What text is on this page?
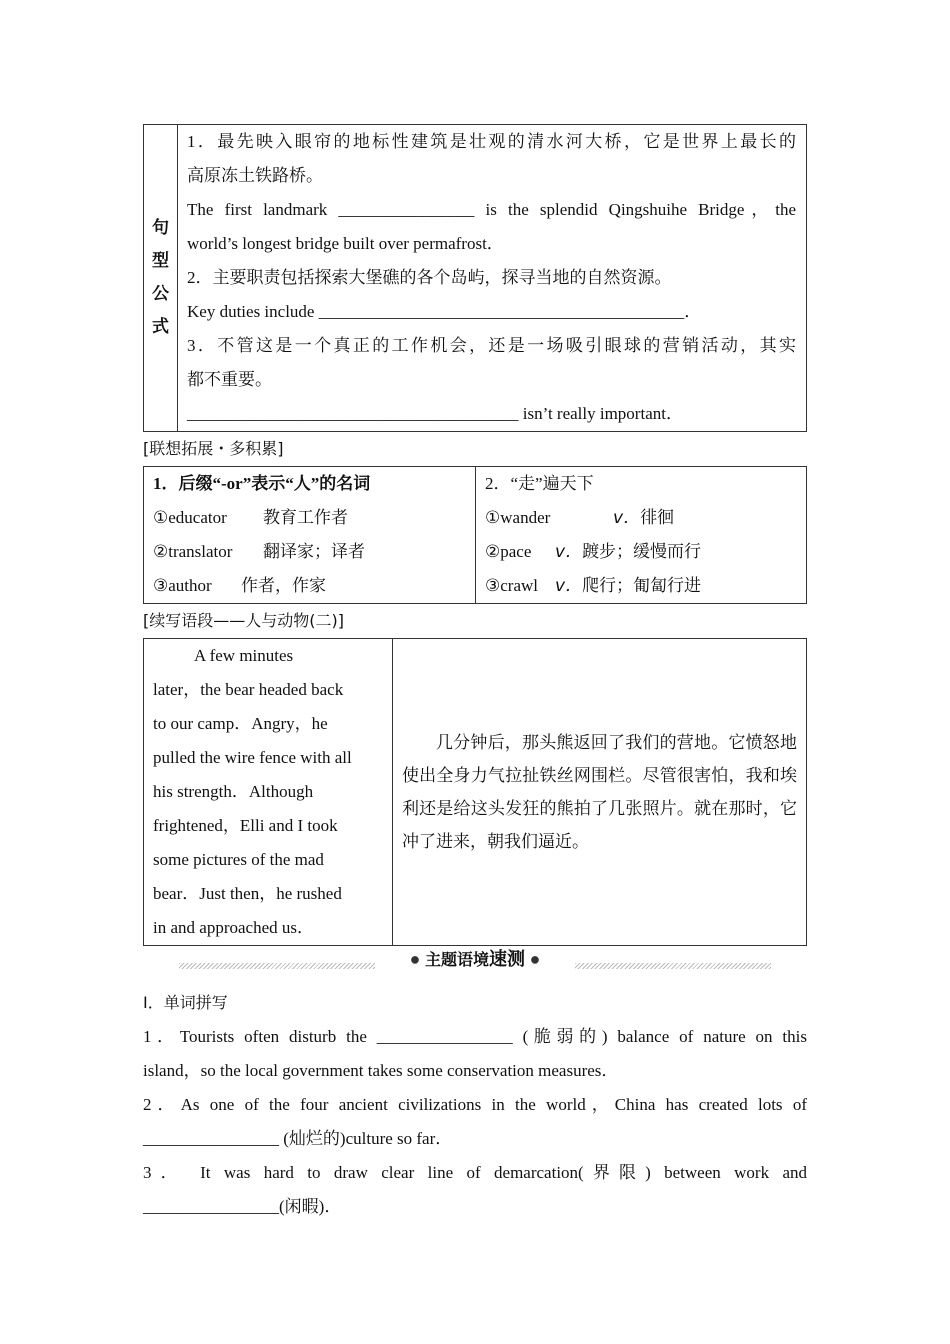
句
型
公
式

1．最先映入眼帘的地标性建筑是壮观的清水河大桥，它是世界上最长的
高原冻土铁路桥。
The first landmark ________________ is the splendid Qingshuihe Bridge，the
world’s longest bridge built over permafrost．
2．主要职责包括探索大堡礁的各个岛屿，探寻当地的自然资源。
Key duties include ___________________________________________．
3．不管这是一个真正的工作机会，还是一场吸引眼球的营销活动，其实
都不重要。
_______________________________________ isn’t really important．
[联想拓展・多积累]
1．后缀“-or”表示“人”的名词
①educator 教育工作者
②translator 翻译家；译者
③author 作者，作家

2．“走”遍天下
①wander	v．徘徊
②pace v．踱步；缓慢而行
③crawl v．爬行；匍匐行进
[续写语段——人与动物(二)]
A few minutes
later，the bear headed back
to our camp．Angry，he
pulled the wire fence with all
his strength．Although
frightened，Elli and I took
some pictures of the mad
bear．Just then，he rushed
in and approached us．

几分钟后，那头熊返回了我们的营地。它愤怒地使出全身力气拉扯铁丝网围栏。尽管很害怕，我和埃利还是给这头发狂的熊拍了几张照片。就在那时，它冲了进来，朝我们逼近。
● 主题语境速测 ●
Ⅰ．单词拼写
1．Tourists often disturb the ________________ (脆弱的) balance of nature on this
island，so the local government takes some conservation measures．
2．As one of the four ancient civilizations in the world，China has created lots of
________________ (灿烂的)culture so far．
3． It was hard to draw clear line of demarcation(界限) between work and
________________(闲暇)．
